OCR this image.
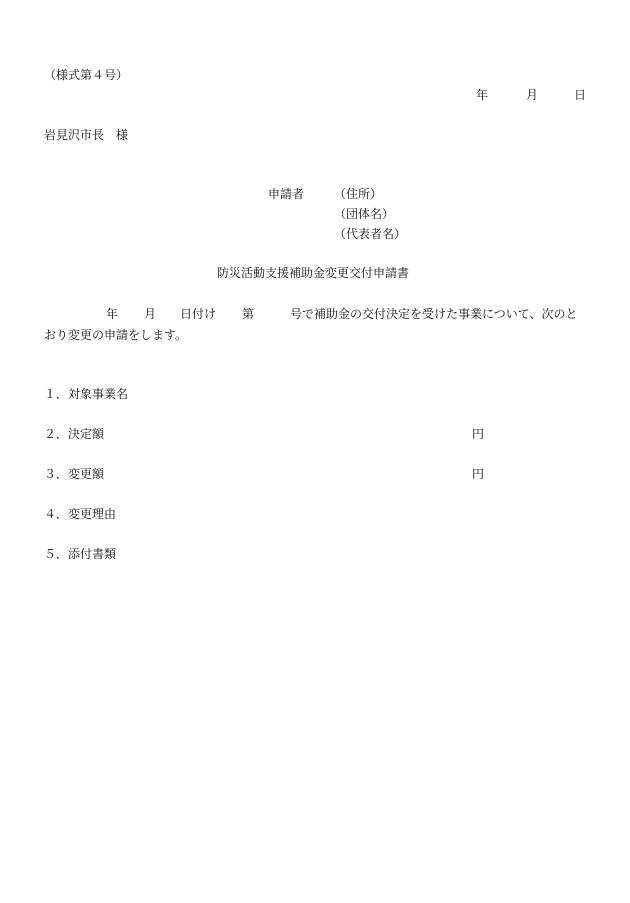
（様式第４号）
年	月	日
岩見沢市長　様
申請者 （住所）
（団体名）
（代表者名）
防災活動支援補助金変更交付申請書
年 月 日付け 第	号で補助金の交付決定を受けた事業について、次のと
おり変更の申請をします。
１．対象事業名
２．決定額	円
３．変更額	円
４．変更理由
５．添付書類
